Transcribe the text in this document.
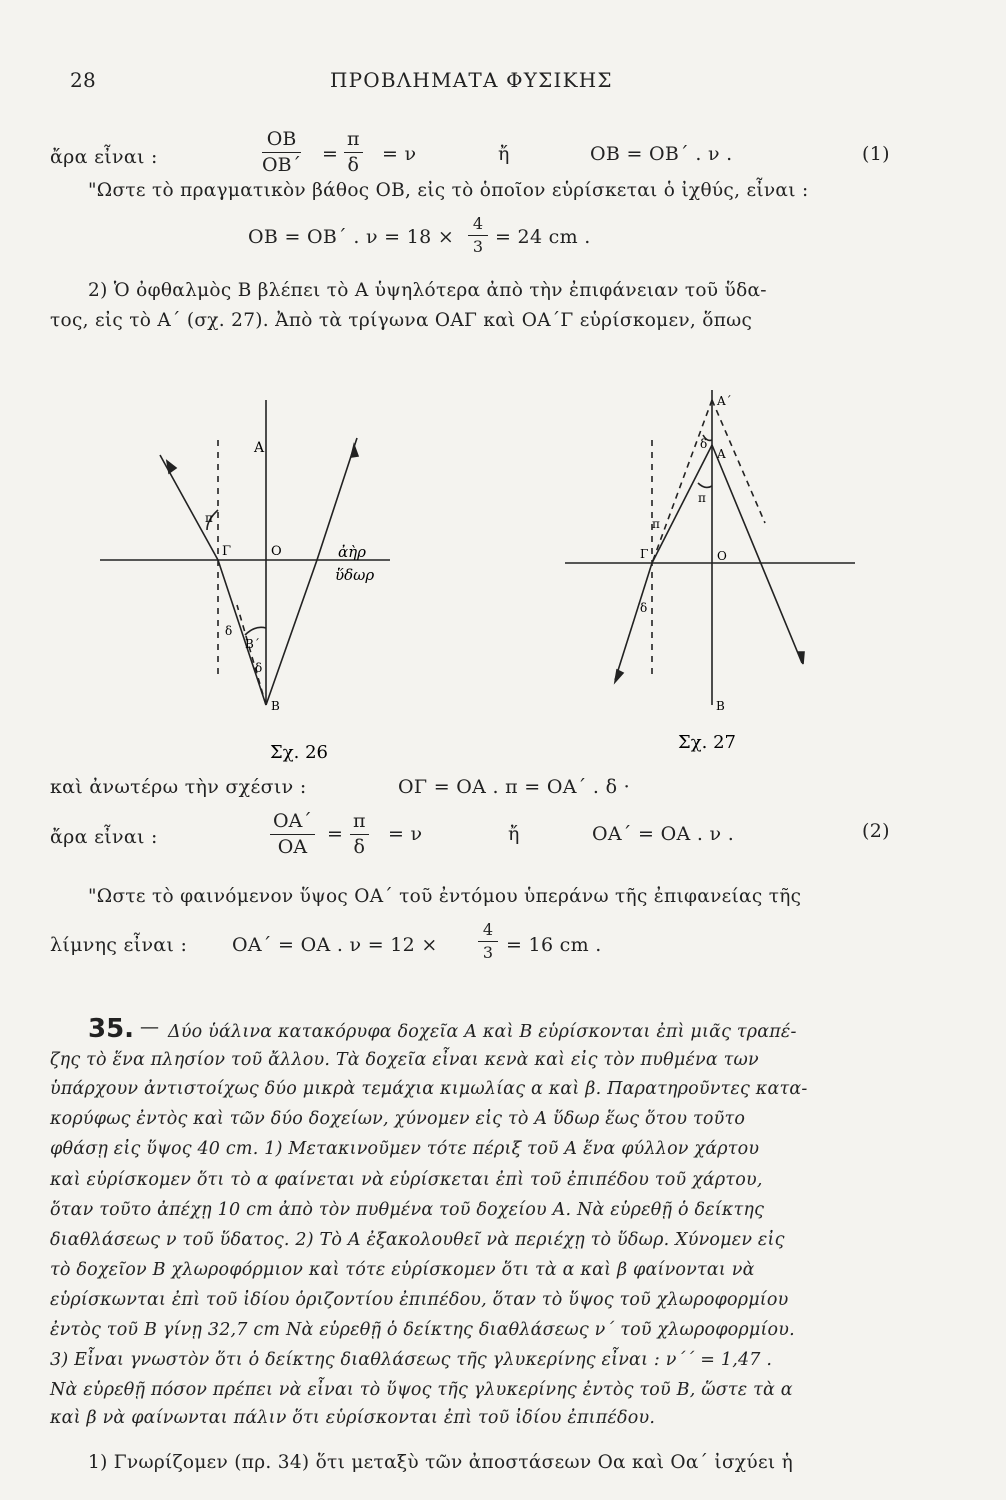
28	ΠΡΟΒΛΗΜΑΤΑ ΦΥΣΙΚΗΣ
ἄρα εἶναι :	$\frac{OB}{OB΄} = \frac{\pi}{\delta} = \nu$	ἤ	ΟΒ = ΟΒ΄ . ν .	(1)
"Ωστε τὸ πραγματικὸν βάθος ΟΒ, εἰς τὸ ὁποῖον εὑρίσκεται ὁ ἰχθύς, εἶναι :
ΟΒ = ΟΒ΄ . $\nu = 18 \times \frac{4}{3} = 24$ cm .
2) Ὁ ὀφθαλμὸς Β βλέπει τὸ Α ὑψηλότερα ἀπὸ τὴν ἐπιφάνειαν τοῦ ὕδα-
τος, εἰς τὸ Α΄ (σχ. 27). Ἀπὸ τὰ τρίγωνα ΟΑΓ καὶ ΟΑ΄Γ εὑρίσκομεν, ὅπως
A
O
Γ	ἀὴρ
ὕδωρ
π
δ
δ
B΄
B
Σχ. 26
A΄
A
δ
π
Γ	O
π
δ
B
Σχ. 27
καὶ ἀνωτέρω τὴν σχέσιν :	ΟΓ = ΟΑ . π = ΟΑ΄ . δ ·
ἄρα εἶναι :	$\frac{OA΄}{OA} = \frac{\pi}{\delta} = \nu$	ἤ	ΟΑ΄ = ΟΑ . ν .	(2)
"Ωστε τὸ φαινόμενον ὕψος ΟΑ΄ τοῦ ἐντόμου ὑπεράνω τῆς ἐπιφανείας τῆς
λίμνης εἶναι : ΟΑ΄ = ΟΑ . ν = 12 ×	$\frac{4}{3} = 16$ cm .
35. — Δύο ὑάλινα κατακόρυφα δοχεῖα Α καὶ Β εὑρίσκονται ἐπὶ μιᾶς τραπέ-
ζης τὸ ἕνα πλησίον τοῦ ἄλλου. Τὰ δοχεῖα εἶναι κενὰ καὶ εἰς τὸν πυθμένα των
ὑπάρχουν ἀντιστοίχως δύο μικρὰ τεμάχια κιμωλίας α καὶ β. Παρατηροῦντες κατα-
κορύφως ἐντὸς καὶ τῶν δύο δοχείων, χύνομεν εἰς τὸ Α ὕδωρ ἕως ὅτου τοῦτο
φθάσῃ εἰς ὕψος 40 cm. 1) Μετακινοῦμεν τότε πέριξ τοῦ Α ἕνα φύλλον χάρτου
καὶ εὑρίσκομεν ὅτι τὸ α φαίνεται νὰ εὑρίσκεται ἐπὶ τοῦ ἐπιπέδου τοῦ χάρτου,
ὅταν τοῦτο ἀπέχῃ 10 cm ἀπὸ τὸν πυθμένα τοῦ δοχείου Α. Νὰ εὑρεθῇ ὁ δείκτης
διαθλάσεως ν τοῦ ὕδατος. 2) Τὸ Α ἐξακολουθεῖ νὰ περιέχῃ τὸ ὕδωρ. Χύνομεν εἰς
τὸ δοχεῖον Β χλωροφόρμιον καὶ τότε εὑρίσκομεν ὅτι τὰ α καὶ β φαίνονται νὰ
εὑρίσκωνται ἐπὶ τοῦ ἰδίου ὁριζοντίου ἐπιπέδου, ὅταν τὸ ὕψος τοῦ χλωροφορμίου
ἐντὸς τοῦ Β γίνῃ 32,7 cm Νὰ εὑρεθῇ ὁ δείκτης διαθλάσεως ν΄ τοῦ χλωροφορμίου.
3) Εἶναι γνωστὸν ὅτι ὁ δείκτης διαθλάσεως τῆς γλυκερίνης εἶναι : ν΄΄ = 1,47 .
Νὰ εὑρεθῇ πόσον πρέπει νὰ εἶναι τὸ ὕψος τῆς γλυκερίνης ἐντὸς τοῦ Β, ὥστε τὰ α
καὶ β νὰ φαίνωνται πάλιν ὅτι εὑρίσκονται ἐπὶ τοῦ ἰδίου ἐπιπέδου.
1) Γνωρίζομεν (πρ. 34) ὅτι μεταξὺ τῶν ἀποστάσεων Οα καὶ Οα΄ ἰσχύει ἡ
